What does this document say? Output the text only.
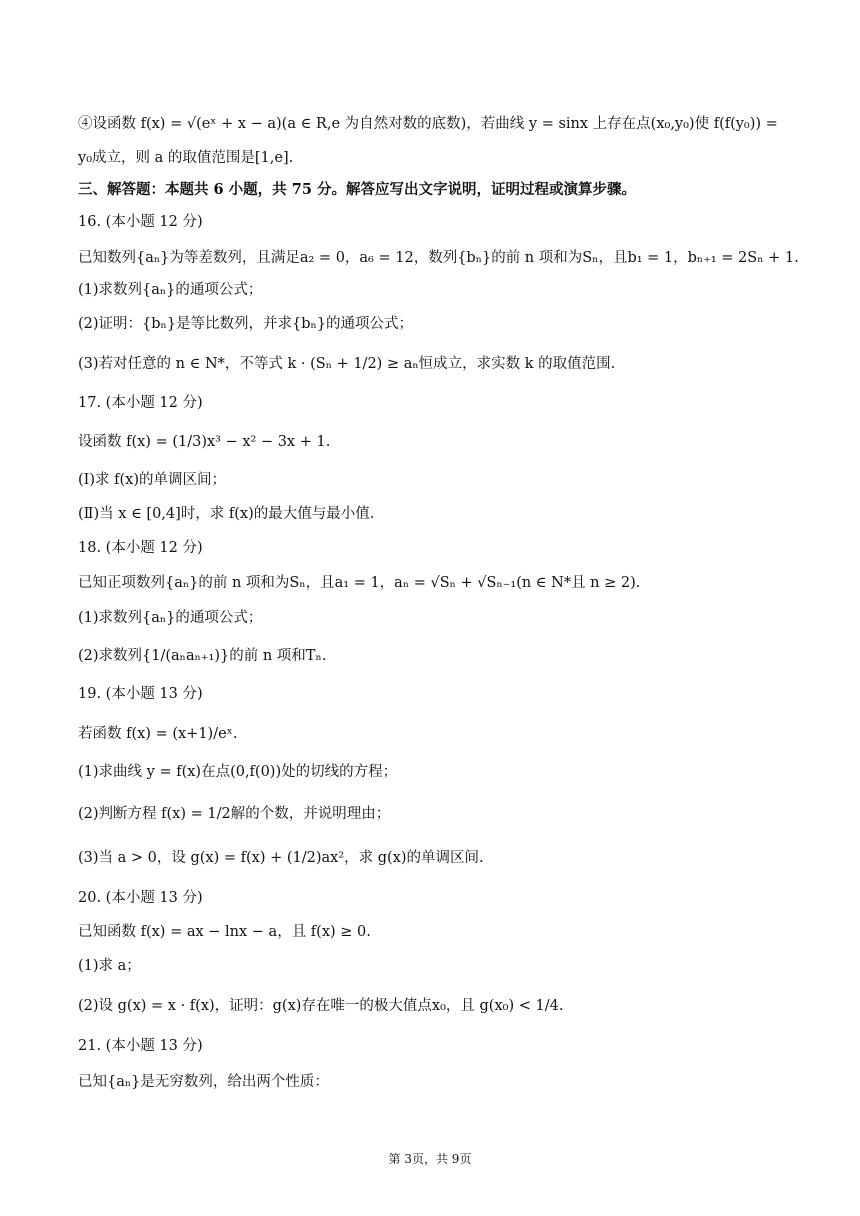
④设函数 f(x) = √(eˣ + x − a)(a ∈ R,e 为自然对数的底数)，若曲线 y = sinx 上存在点(x₀,y₀)使 f(f(y₀)) =
y₀成立，则 a 的取值范围是[1,e].
三、解答题：本题共 6 小题，共 75 分。解答应写出文字说明，证明过程或演算步骤。
16. (本小题 12 分)
已知数列{aₙ}为等差数列，且满足a₂ = 0，a₆ = 12，数列{bₙ}的前 n 项和为Sₙ，且b₁ = 1，bₙ₊₁ = 2Sₙ + 1.
(1)求数列{aₙ}的通项公式；
(2)证明：{bₙ}是等比数列，并求{bₙ}的通项公式；
(3)若对任意的 n ∈ N*，不等式 k · (Sₙ + 1/2) ≥ aₙ恒成立，求实数 k 的取值范围.
17. (本小题 12 分)
设函数 f(x) = (1/3)x³ − x² − 3x + 1.
(Ⅰ)求 f(x)的单调区间；
(Ⅱ)当 x ∈ [0,4]时，求 f(x)的最大值与最小值.
18. (本小题 12 分)
已知正项数列{aₙ}的前 n 项和为Sₙ，且a₁ = 1，aₙ = √Sₙ + √Sₙ₋₁(n ∈ N*且 n ≥ 2).
(1)求数列{aₙ}的通项公式；
(2)求数列{1/(aₙaₙ₊₁)}的前 n 项和Tₙ.
19. (本小题 13 分)
若函数 f(x) = (x+1)/eˣ.
(1)求曲线 y = f(x)在点(0,f(0))处的切线的方程；
(2)判断方程 f(x) = 1/2解的个数，并说明理由；
(3)当 a > 0，设 g(x) = f(x) + (1/2)ax²，求 g(x)的单调区间.
20. (本小题 13 分)
已知函数 f(x) = ax − lnx − a，且 f(x) ≥ 0.
(1)求 a；
(2)设 g(x) = x · f(x)，证明：g(x)存在唯一的极大值点x₀，且 g(x₀) < 1/4.
21. (本小题 13 分)
已知{aₙ}是无穷数列，给出两个性质：
第 3页，共 9页
